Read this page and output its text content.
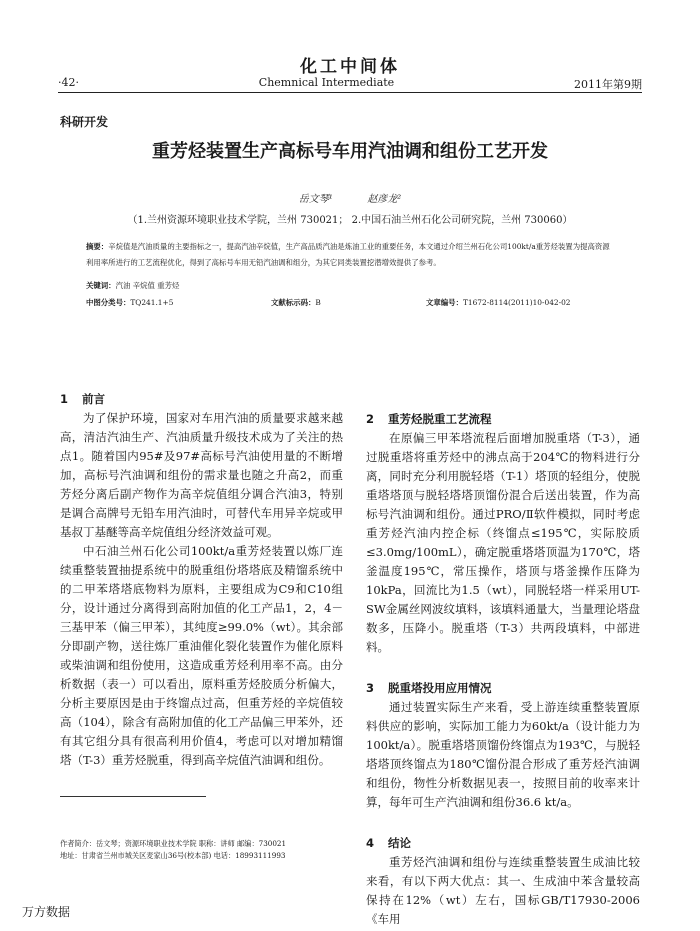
化工中间体
·42·	Chemnical Intermediate	2011年第9期
科研开发
重芳烃装置生产高标号车用汽油调和组份工艺开发
岳文琴¹	赵彦龙²
（1.兰州资源环境职业技术学院，兰州 730021； 2.中国石油兰州石化公司研究院，兰州 730060）
摘要：辛烷值是汽油质量的主要指标之一，提高汽油辛烷值，生产高品质汽油是炼油工业的重要任务，本文通过介绍兰州石化公司100kt/a重芳烃装置为提高资源利用率所进行的工艺流程优化，得到了高标号车用无铅汽油调和组分，为其它同类装置挖潜增效提供了参考。
关键词：汽油 辛烷值 重芳烃
中图分类号：TQ241.1+5	文献标示码：B	文章编号：T1672-8114(2011)10-042-02
1 前言

为了保护环境，国家对车用汽油的质量要求越来越高，清洁汽油生产、汽油质量升级技术成为了关注的热点1。随着国内95#及97#高标号汽油使用量的不断增加，高标号汽油调和组份的需求量也随之升高2，而重芳烃分离后副产物作为高辛烷值组分调合汽油3，特别是调合高牌号无铅车用汽油时，可替代车用异辛烷或甲基叔丁基醚等高辛烷值组分经济效益可观。

中石油兰州石化公司100kt/a重芳烃装置以炼厂连续重整装置抽提系统中的脱重组份塔塔底及精馏系统中的二甲苯塔塔底物料为原料，主要组成为C9和C10组分，设计通过分离得到高附加值的化工产品1，2，4－三基甲苯（偏三甲苯），其纯度≥99.0%（wt）。其余部分即副产物，送往炼厂重油催化裂化装置作为催化原料或柴油调和组份使用，这造成重芳烃利用率不高。由分析数据（表一）可以看出，原料重芳烃胶质分析偏大，分析主要原因是由于终馏点过高，但重芳烃的辛烷值较高（104），除含有高附加值的化工产品偏三甲苯外，还有其它组分具有很高利用价值4，考虑可以对增加精馏塔（T-3）重芳烃脱重，得到高辛烷值汽油调和组份。

2 重芳烃脱重工艺流程

在原偏三甲苯塔流程后面增加脱重塔（T-3），通过脱重塔将重芳烃中的沸点高于204℃的物料进行分离，同时充分利用脱轻塔（T-1）塔顶的轻组分，使脱重塔塔顶与脱轻塔塔顶馏份混合后送出装置，作为高标号汽油调和组份。通过PRO/Ⅱ软件模拟，同时考虑重芳烃汽油内控企标（终馏点≤195℃，实际胶质≤3.0mg/100mL），确定脱重塔塔顶温为170℃，塔釜温度195℃，常压操作，塔顶与塔釜操作压降为10kPa，回流比为1.5（wt），同脱轻塔一样采用UT-SW金属丝网波纹填料，该填料通量大，当量理论塔盘数多，压降小。脱重塔（T-3）共两段填料，中部进料。

3 脱重塔投用应用情况

通过装置实际生产来看，受上游连续重整装置原料供应的影响，实际加工能力为60kt/a（设计能力为100kt/a）。脱重塔塔顶馏份终馏点为193℃，与脱轻塔塔顶终馏点为180℃馏份混合形成了重芳烃汽油调和组份，物性分析数据见表一，按照目前的收率来计算，每年可生产汽油调和组份36.6 kt/a。

4 结论

重芳烃汽油调和组份与连续重整装置生成油比较来看，有以下两大优点：其一、生成油中苯含量较高保持在12%（wt）左右，国标GB/T17930-2006《车用

作者简介：岳文琴；资源环境职业技术学院 职称：讲师 邮编：730021
地址：甘肃省兰州市城关区麦家山36号(校本部) 电话：18993111993
万方数据
